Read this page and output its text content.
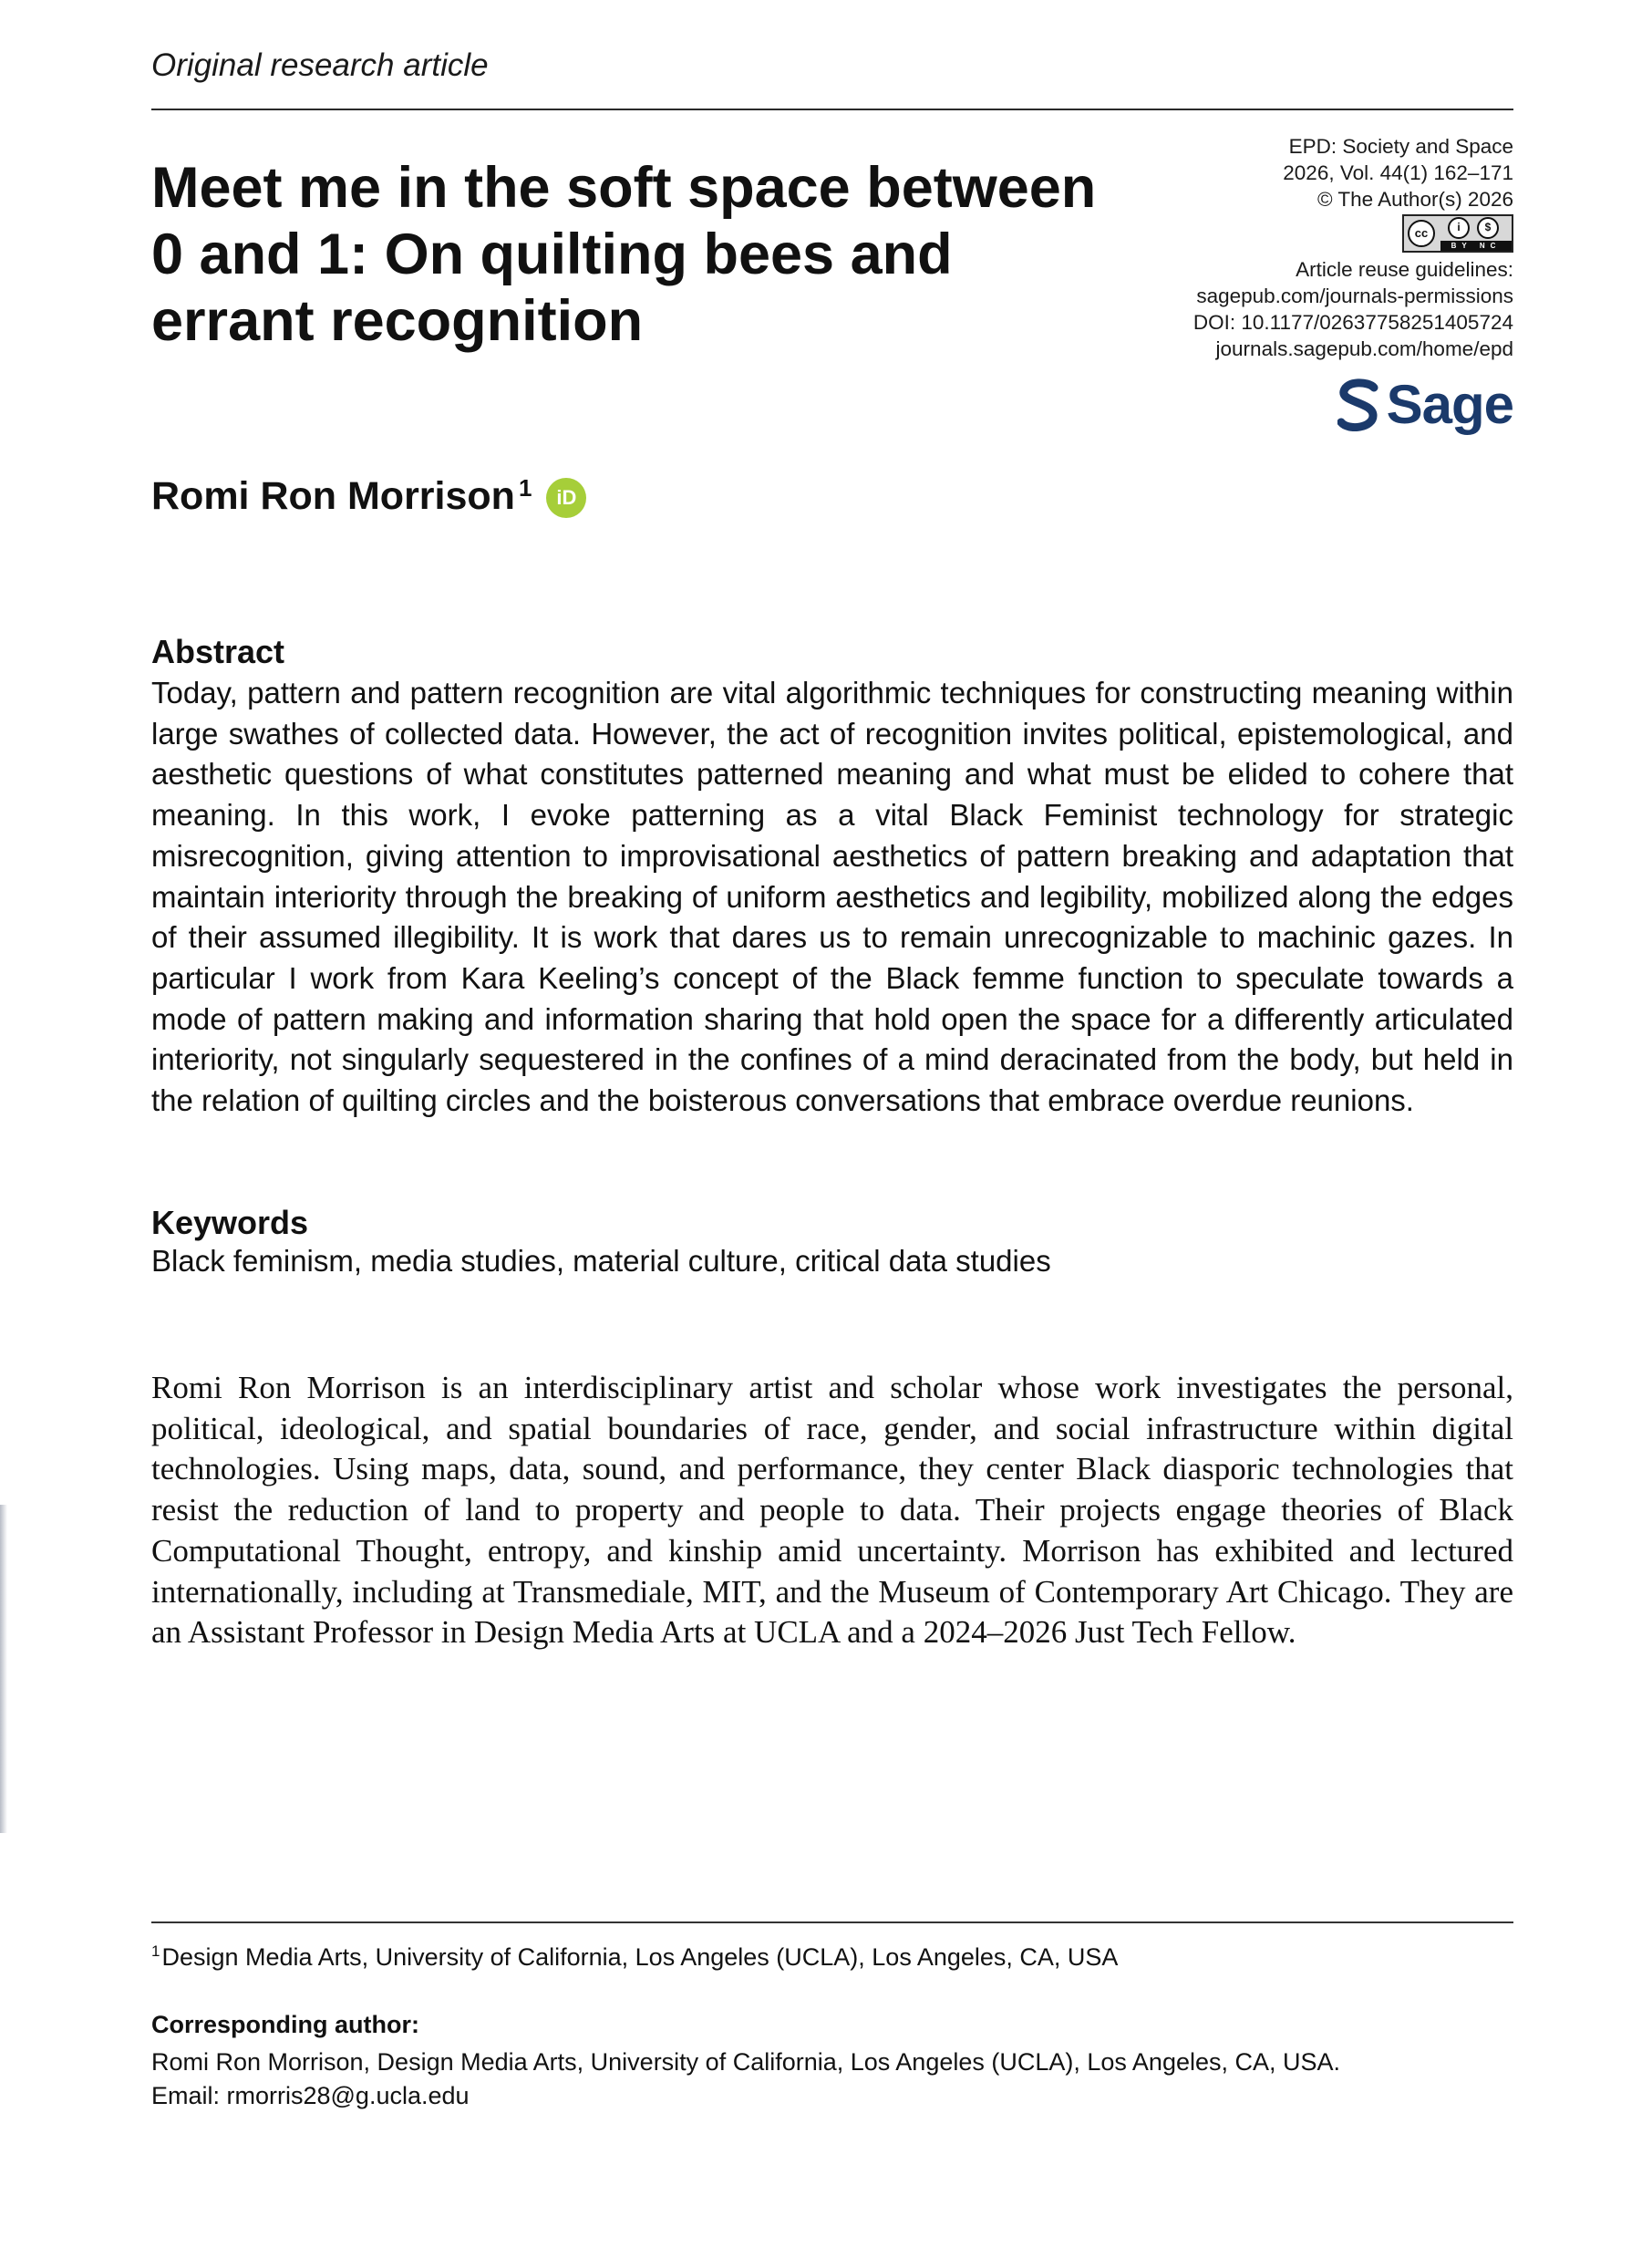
Original research article
Meet me in the soft space between 0 and 1: On quilting bees and errant recognition
EPD: Society and Space
2026, Vol. 44(1) 162–171
© The Author(s) 2026
cc	i	$
BY NC
Article reuse guidelines:
sagepub.com/journals-permissions
DOI: 10.1177/02637758251405724
journals.sagepub.com/home/epd
Sage
Romi Ron Morrison$^1$	iD
Abstract
Today, pattern and pattern recognition are vital algorithmic techniques for constructing meaning within large swathes of collected data. However, the act of recognition invites political, epistemological, and aesthetic questions of what constitutes patterned meaning and what must be elided to cohere that meaning. In this work, I evoke patterning as a vital Black Feminist technology for strategic misrecognition, giving attention to improvisational aesthetics of pattern breaking and adaptation that maintain interiority through the breaking of uniform aesthetics and legibility, mobilized along the edges of their assumed illegibility. It is work that dares us to remain unrecognizable to machinic gazes. In particular I work from Kara Keeling’s concept of the Black femme function to speculate towards a mode of pattern making and information sharing that hold open the space for a differently articulated interiority, not singularly sequestered in the confines of a mind deracinated from the body, but held in the relation of quilting circles and the boisterous conversations that embrace overdue reunions.
Keywords
Black feminism, media studies, material culture, critical data studies
Romi Ron Morrison is an interdisciplinary artist and scholar whose work investigates the personal, political, ideological, and spatial boundaries of race, gender, and social infrastructure within digital technologies. Using maps, data, sound, and performance, they center Black diasporic technologies that resist the reduction of land to property and people to data. Their projects engage theories of Black Computational Thought, entropy, and kinship amid uncertainty. Morrison has exhibited and lectured internationally, including at Transmediale, MIT, and the Museum of Contemporary Art Chicago. They are an Assistant Professor in Design Media Arts at UCLA and a 2024–2026 Just Tech Fellow.
$^1$Design Media Arts, University of California, Los Angeles (UCLA), Los Angeles, CA, USA
Corresponding author:
Romi Ron Morrison, Design Media Arts, University of California, Los Angeles (UCLA), Los Angeles, CA, USA.
Email: rmorris28@g.ucla.edu
